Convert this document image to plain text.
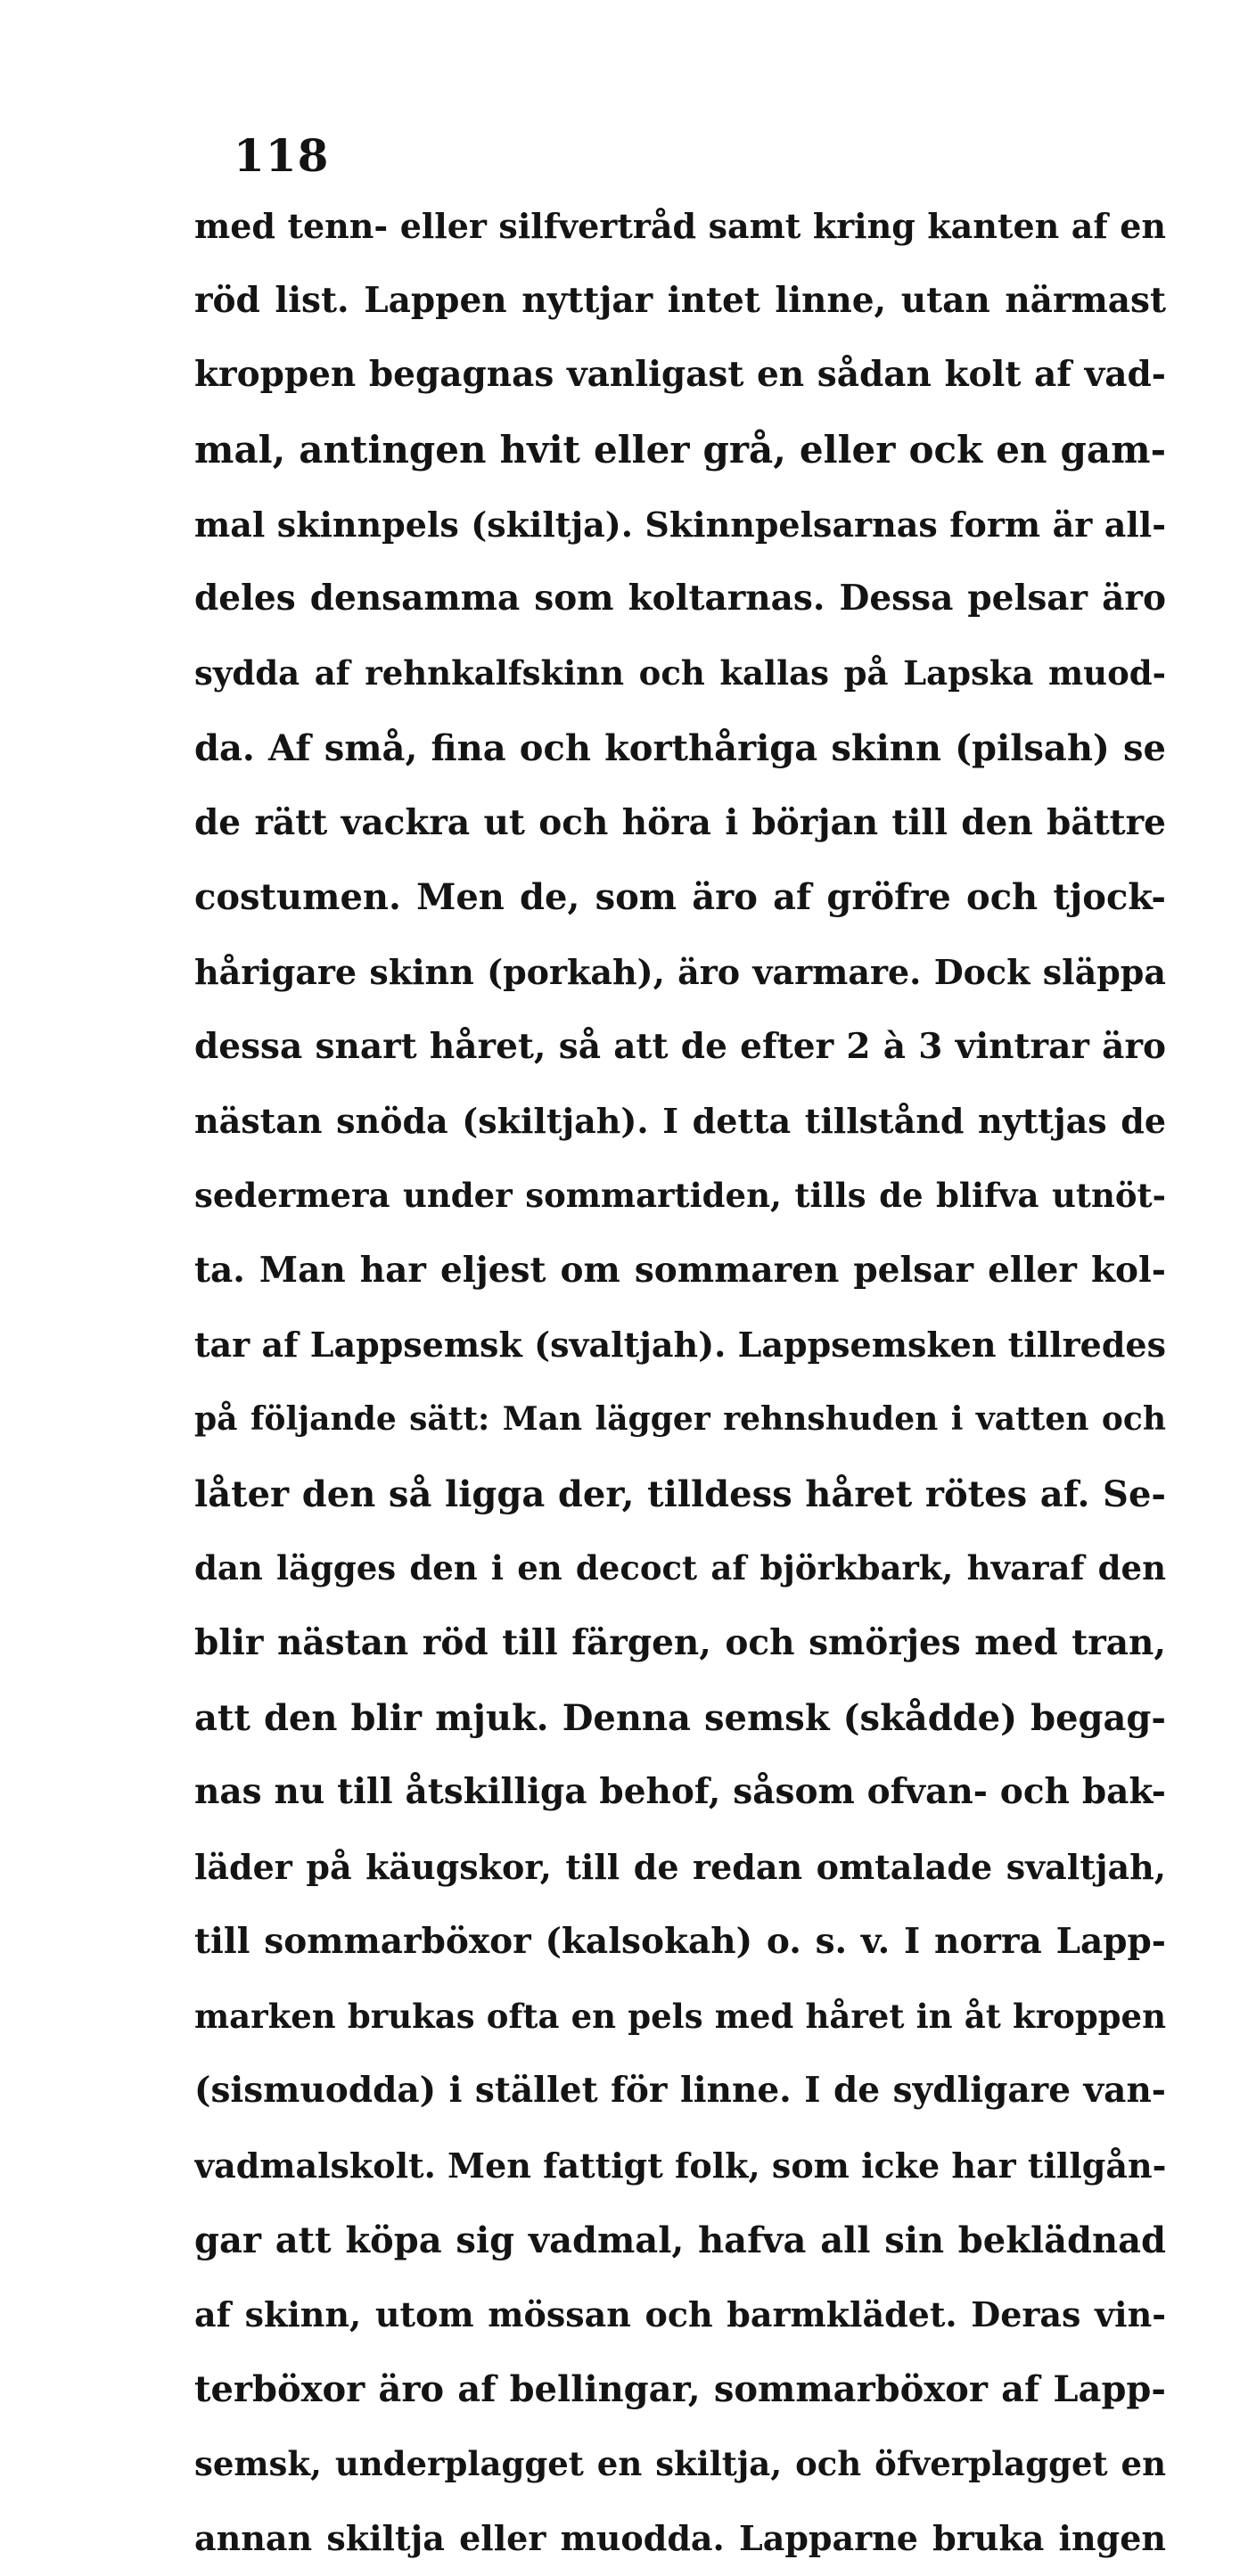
118
med tenn- eller silfvertråd samt kring kanten af en
röd list. Lappen nyttjar intet linne, utan närmast
kroppen begagnas vanligast en sådan kolt af vad-
mal, antingen hvit eller grå, eller ock en gam-
mal skinnpels (skiltja). Skinnpelsarnas form är all-
deles densamma som koltarnas. Dessa pelsar äro
sydda af rehnkalfskinn och kallas på Lapska muod-
da. Af små, fina och korthåriga skinn (pilsah) se
de rätt vackra ut och höra i början till den bättre
costumen. Men de, som äro af gröfre och tjock-
hårigare skinn (porkah), äro varmare. Dock släppa
dessa snart håret, så att de efter 2 à 3 vintrar äro
nästan snöda (skiltjah). I detta tillstånd nyttjas de
sedermera under sommartiden, tills de blifva utnöt-
ta. Man har eljest om sommaren pelsar eller kol-
tar af Lappsemsk (svaltjah). Lappsemsken tillredes
på följande sätt: Man lägger rehnshuden i vatten och
låter den så ligga der, tilldess håret rötes af. Se-
dan lägges den i en decoct af björkbark, hvaraf den
blir nästan röd till färgen, och smörjes med tran,
att den blir mjuk. Denna semsk (skådde) begag-
nas nu till åtskilliga behof, såsom ofvan- och bak-
läder på käugskor, till de redan omtalade svaltjah,
till sommarböxor (kalsokah) o. s. v. I norra Lapp-
marken brukas ofta en pels med håret in åt kroppen
(sismuodda) i stället för linne. I de sydligare van-
vadmalskolt. Men fattigt folk, som icke har tillgån-
gar att köpa sig vadmal, hafva all sin beklädnad
af skinn, utom mössan och barmklädet. Deras vin-
terböxor äro af bellingar, sommarböxor af Lapp-
semsk, underplagget en skiltja, och öfverplagget en
annan skiltja eller muodda. Lapparne bruka ingen
